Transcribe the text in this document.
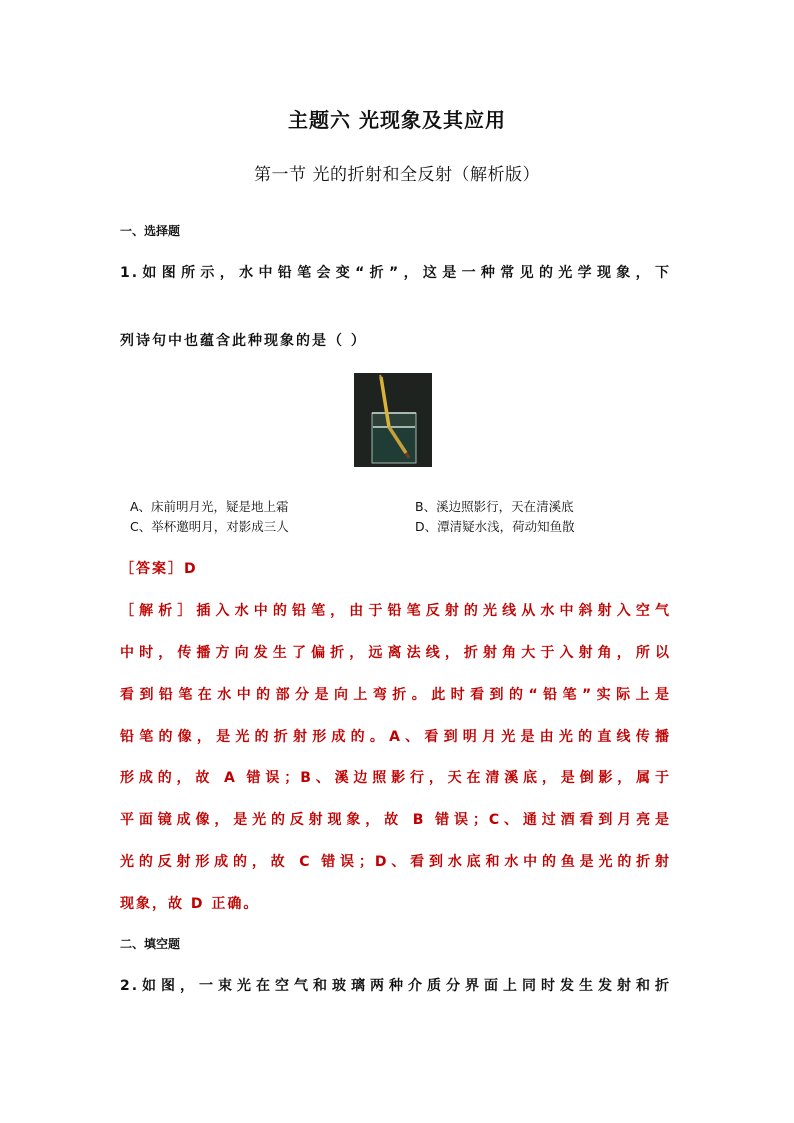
主题六 光现象及其应用
第一节 光的折射和全反射（解析版）
一、选择题
1.如图所示，水中铅笔会变“折”，这是一种常见的光学现象，下
列诗句中也蕴含此种现象的是（ ）
A、床前明月光，疑是地上霜	B、溪边照影行，天在清溪底
C、举杯邀明月，对影成三人	D、潭清疑水浅，荷动知鱼散
［答案］D
［解析］插入水中的铅笔，由于铅笔反射的光线从水中斜射入空气
中时，传播方向发生了偏折，远离法线，折射角大于入射角，所以
看到铅笔在水中的部分是向上弯折。此时看到的“铅笔”实际上是
铅笔的像，是光的折射形成的。A、看到明月光是由光的直线传播
形成的，故 A 错误；B、溪边照影行，天在清溪底，是倒影，属于
平面镜成像，是光的反射现象，故 B 错误；C、通过酒看到月亮是
光的反射形成的，故 C 错误；D、看到水底和水中的鱼是光的折射
现象，故 D 正确。
二、填空题
2.如图，一束光在空气和玻璃两种介质分界面上同时发生发射和折
